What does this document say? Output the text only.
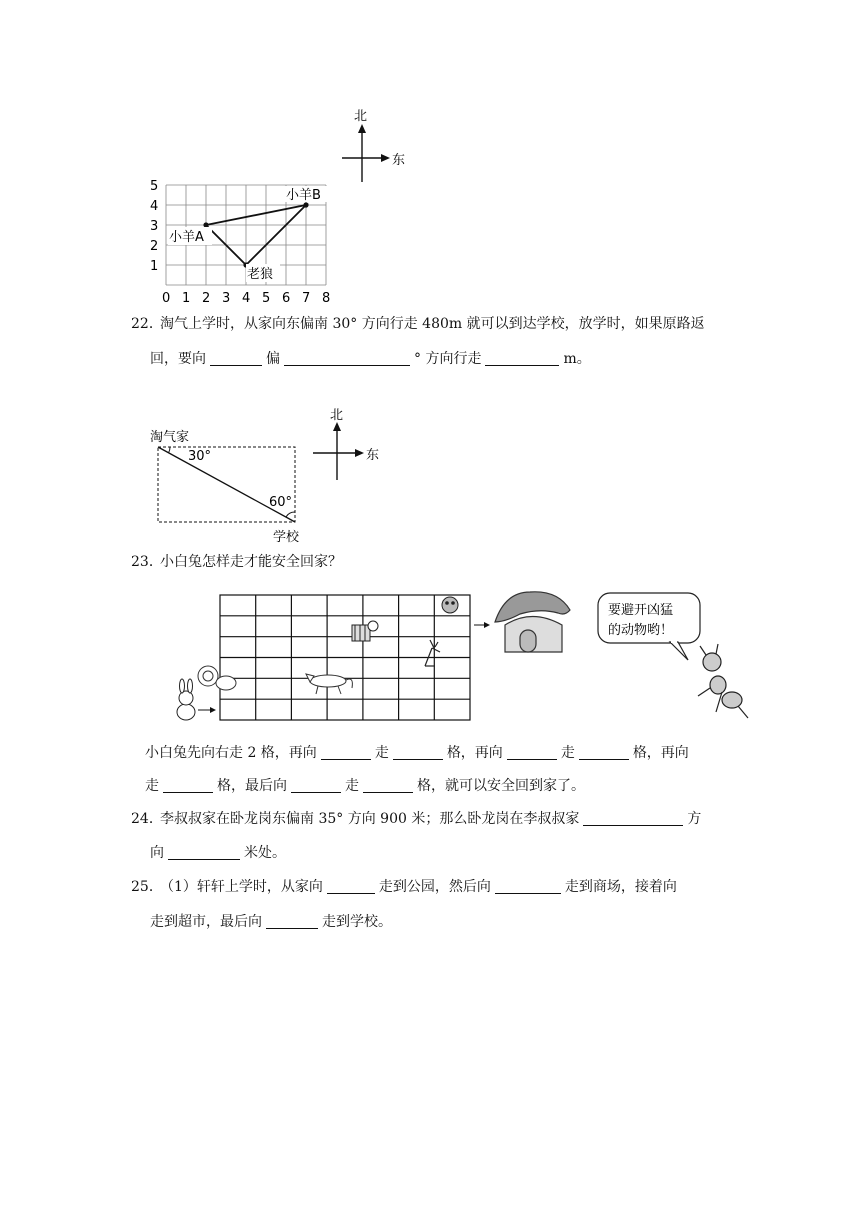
北
东
5
4
3
2
1
0 1 2 3 4 5 6 7 8
小羊A
小羊B
老狼
22．
淘气上学时，从家向东偏南 30° 方向行走 480m 就可以到达学校，放学时，如果原路返
回，要向	偏	° 方向行走	m。
淘气家
30°
60°
学校
北
东
23．
小白兔怎样走才能安全回家？
要避开凶猛
的动物哟！
小白兔先向右走 2 格，再向	走	格，再向	走	格，再向
走	格，最后向	走	格，就可以安全回到家了。
24．
李叔叔家在卧龙岗东偏南 35° 方向 900 米；那么卧龙岗在李叔叔家	方
向	米处。
25．
（1）轩轩上学时，从家向	走到公园，然后向	走到商场，接着向
走到超市，最后向	走到学校。
